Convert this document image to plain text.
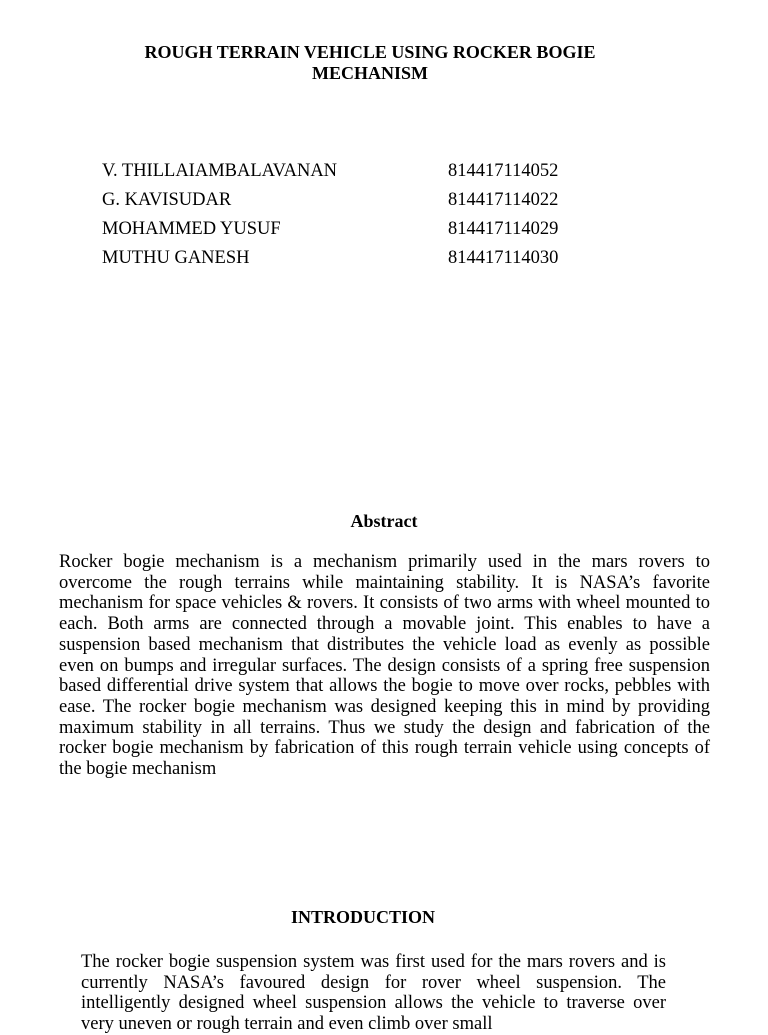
ROUGH TERRAIN VEHICLE USING ROCKER BOGIE MECHANISM
V. THILLAIAMBALAVANAN	814417114052
G. KAVISUDAR	814417114022
MOHAMMED YUSUF	814417114029
MUTHU GANESH	814417114030
Abstract
Rocker bogie mechanism is a mechanism primarily used in the mars rovers to overcome the rough terrains while maintaining stability. It is NASA’s favorite mechanism for space vehicles & rovers. It consists of two arms with wheel mounted to each. Both arms are connected through a movable joint. This enables to have a suspension based mechanism that distributes the vehicle load as evenly as possible even on bumps and irregular surfaces. The design consists of a spring free suspension based differential drive system that allows the bogie to move over rocks, pebbles with ease. The rocker bogie mechanism was designed keeping this in mind by providing maximum stability in all terrains. Thus we study the design and fabrication of the rocker bogie mechanism by fabrication of this rough terrain vehicle using concepts of the bogie mechanism
INTRODUCTION
The rocker bogie suspension system was first used for the mars rovers and is currently NASA’s favoured design for rover wheel suspension. The intelligently designed wheel suspension allows the vehicle to traverse over very uneven or rough terrain and even climb over small
